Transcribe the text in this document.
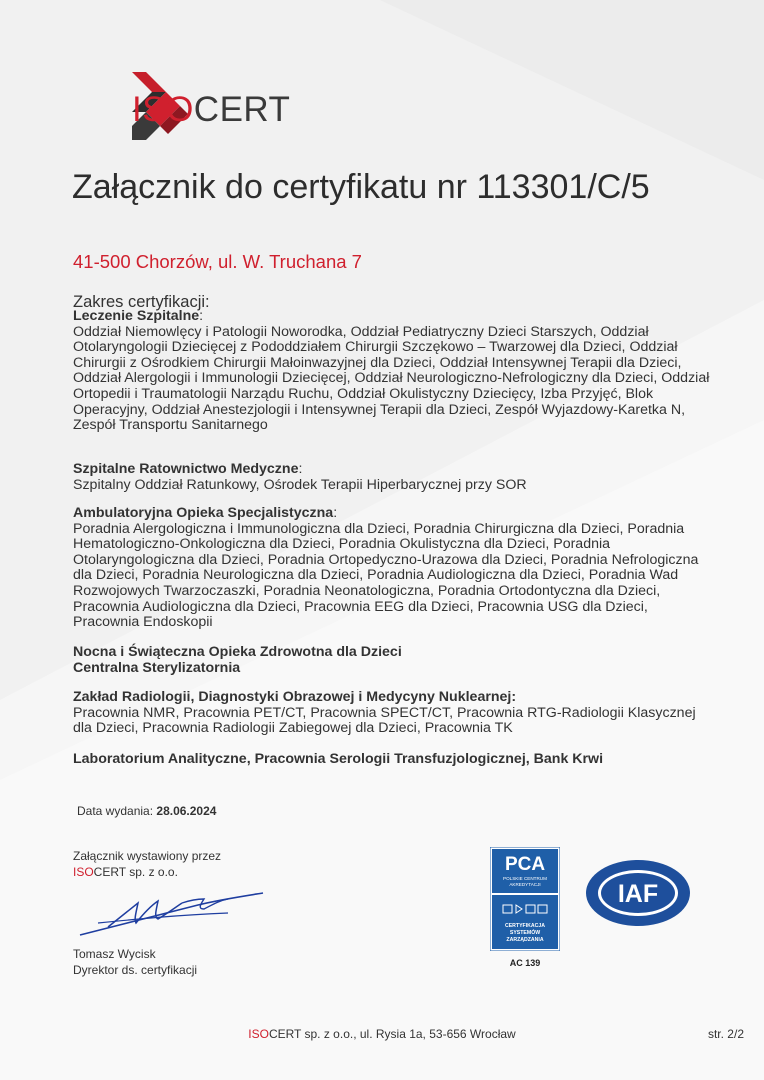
ISOCERT
Załącznik do certyfikatu nr 113301/C/5
41-500 Chorzów, ul. W. Truchana 7
Zakres certyfikacji:
Leczenie Szpitalne:
Oddział Niemowlęcy i Patologii Noworodka, Oddział Pediatryczny Dzieci Starszych, Oddział Otolaryngologii Dziecięcej z Pododdziałem Chirurgii Szczękowo – Twarzowej dla Dzieci, Oddział Chirurgii z Ośrodkiem Chirurgii Małoinwazyjnej dla Dzieci, Oddział Intensywnej Terapii dla Dzieci, Oddział Alergologii i Immunologii Dziecięcej, Oddział Neurologiczno-Nefrologiczny dla Dzieci, Oddział Ortopedii i Traumatologii Narządu Ruchu, Oddział Okulistyczny Dziecięcy, Izba Przyjęć, Blok Operacyjny, Oddział Anestezjologii i Intensywnej Terapii dla Dzieci, Zespół Wyjazdowy-Karetka N, Zespół Transportu Sanitarnego
Szpitalne Ratownictwo Medyczne:
Szpitalny Oddział Ratunkowy, Ośrodek Terapii Hiperbarycznej przy SOR
Ambulatoryjna Opieka Specjalistyczna:
Poradnia Alergologiczna i Immunologiczna dla Dzieci, Poradnia Chirurgiczna dla Dzieci, Poradnia Hematologiczno-Onkologiczna dla Dzieci, Poradnia Okulistyczna dla Dzieci, Poradnia Otolaryngologiczna dla Dzieci, Poradnia Ortopedyczno-Urazowa dla Dzieci, Poradnia Nefrologiczna dla Dzieci, Poradnia Neurologiczna dla Dzieci, Poradnia Audiologiczna dla Dzieci, Poradnia Wad Rozwojowych Twarzoczaszki, Poradnia Neonatologiczna, Poradnia Ortodontyczna dla Dzieci, Pracownia Audiologiczna dla Dzieci, Pracownia EEG dla Dzieci, Pracownia USG dla Dzieci, Pracownia Endoskopii
Nocna i Świąteczna Opieka Zdrowotna dla Dzieci
Centralna Sterylizatornia
Zakład Radiologii, Diagnostyki Obrazowej i Medycyny Nuklearnej:
Pracownia NMR, Pracownia PET/CT, Pracownia SPECT/CT, Pracownia RTG-Radiologii Klasycznej dla Dzieci, Pracownia Radiologii Zabiegowej dla Dzieci, Pracownia TK
Laboratorium Analityczne, Pracownia Serologii Transfuzjologicznej, Bank Krwi
Data wydania: 28.06.2024
Załącznik wystawiony przez
ISOCERT sp. z o.o.
Tomasz Wycisk
Dyrektor ds. certyfikacji
PCA
POLSKIE CENTRUM
AKREDYTACJI
CERTYFIKACJA
SYSTEMÓW
ZARZĄDZANIA
AC 139
IAF
ISOCERT sp. z o.o., ul. Rysia 1a, 53-656 Wrocław	str. 2/2
